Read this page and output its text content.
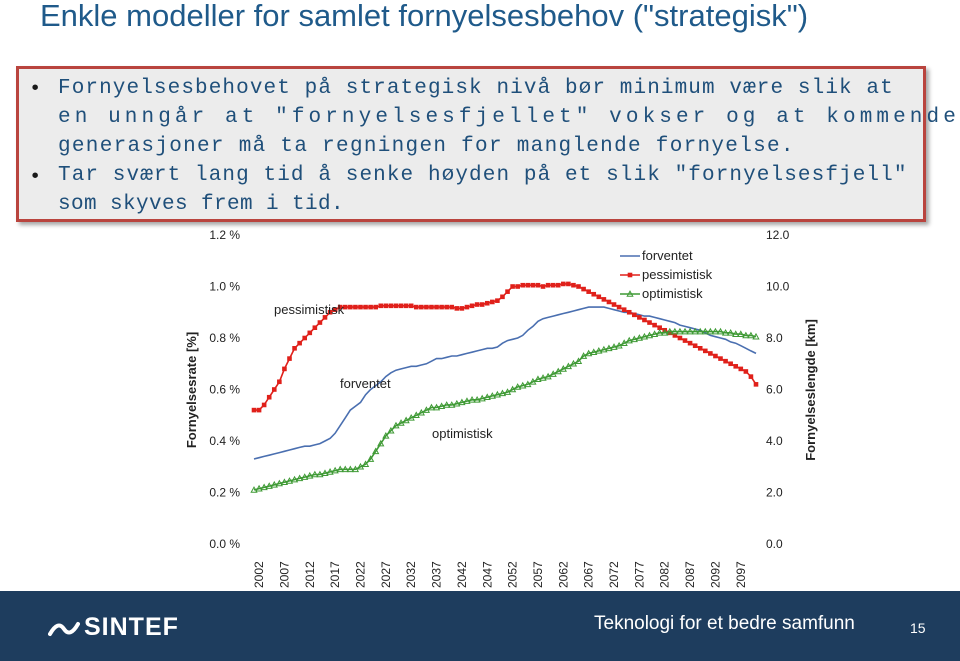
Enkle modeller for samlet fornyelsesbehov ("strategisk")
• Fornyelsesbehovet på strategisk nivå bør minimum være slik at
en unngår at "fornyelsesfjellet" vokser og at kommende
generasjoner må ta regningen for manglende fornyelse.
• Tar svært lang tid å senke høyden på et slik "fornyelsesfjell"
som skyves frem i tid.
0.0 %
0.2 %
0.4 %
0.6 %
0.8 %
1.0 %
1.2 %
0.0
2.0
4.0
6.0
8.0
10.0
12.0
Fornyelsesrate [%]	Fornyelseslengde [km]
2002 2007 2012 2017 2022 2027 2032 2037 2042 2047 2052 2057 2062 2067 2072 2077 2082 2087 2092 2097
forventet
pessimistisk
optimistisk
pessimistisk
forventet
optimistisk
SINTEF	Teknologi for et bedre samfunn	15
